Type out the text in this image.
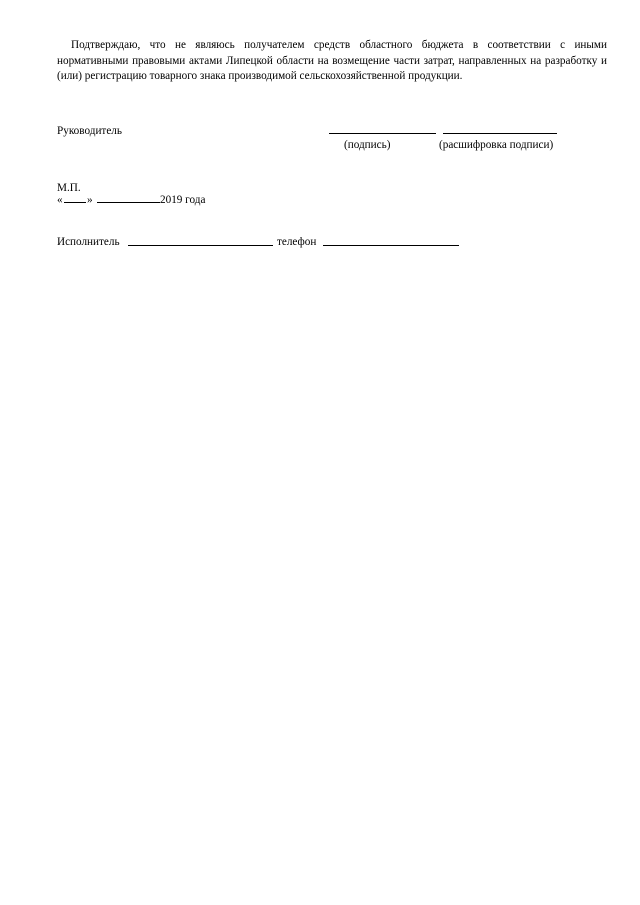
Подтверждаю, что не являюсь получателем средств областного бюджета в соответствии с иными нормативными правовыми актами Липецкой области на возмещение части затрат, направленных на разработку и (или) регистрацию товарного знака производимой сельскохозяйственной продукции.
Руководитель
(подпись)	(расшифровка подписи)
М.П.
« »	2019 года
Исполнитель	телефон
